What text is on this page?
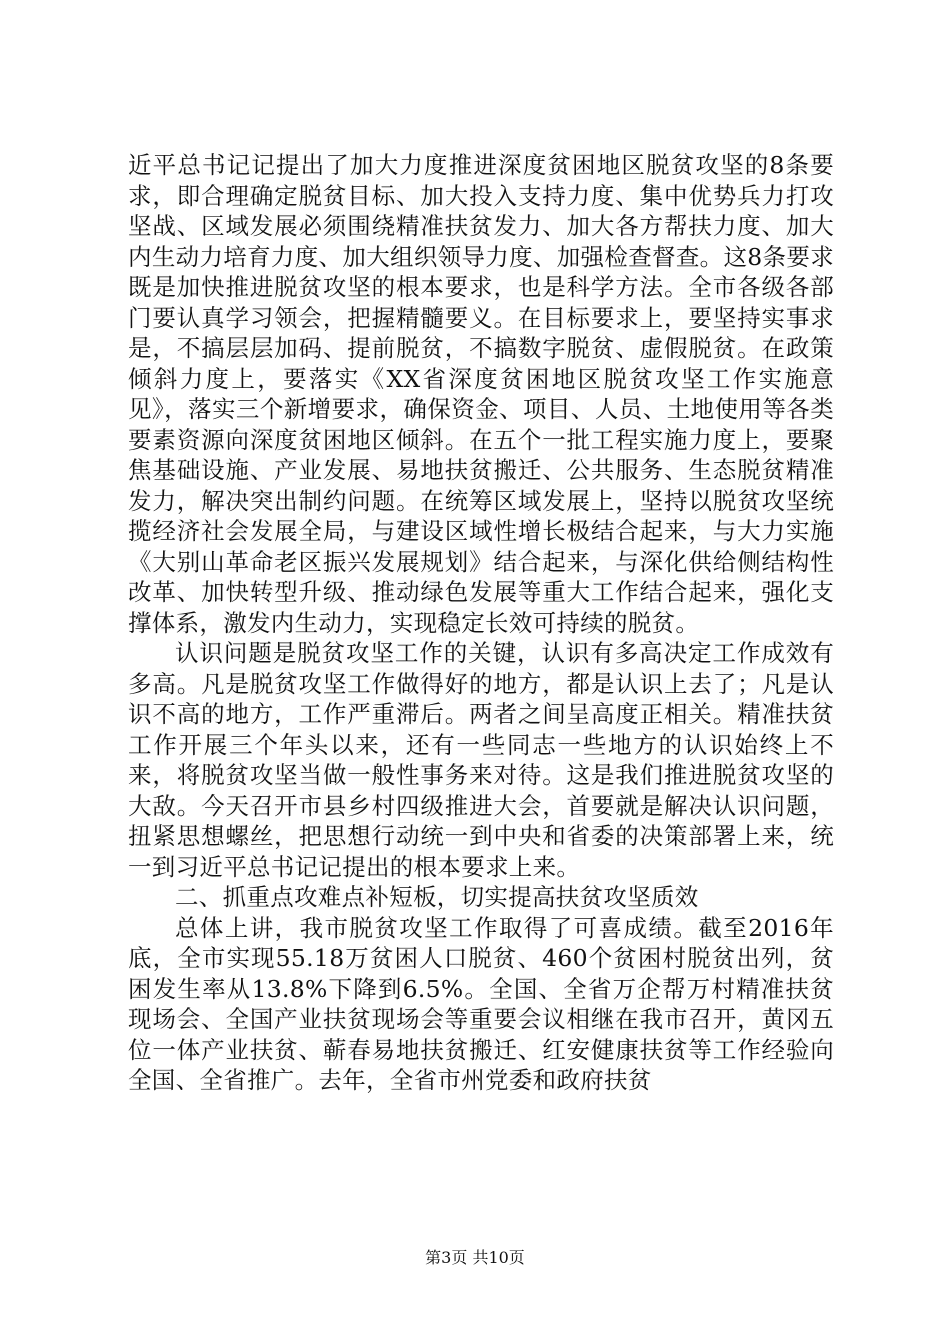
近平总书记记提出了加大力度推进深度贫困地区脱贫攻坚的8条要求，即合理确定脱贫目标、加大投入支持力度、集中优势兵力打攻坚战、区域发展必须围绕精准扶贫发力、加大各方帮扶力度、加大内生动力培育力度、加大组织领导力度、加强检查督查。这8条要求既是加快推进脱贫攻坚的根本要求，也是科学方法。全市各级各部门要认真学习领会，把握精髓要义。在目标要求上，要坚持实事求是，不搞层层加码、提前脱贫，不搞数字脱贫、虚假脱贫。在政策倾斜力度上，要落实《XX省深度贫困地区脱贫攻坚工作实施意见》，落实三个新增要求，确保资金、项目、人员、土地使用等各类要素资源向深度贫困地区倾斜。在五个一批工程实施力度上，要聚焦基础设施、产业发展、易地扶贫搬迁、公共服务、生态脱贫精准发力，解决突出制约问题。在统筹区域发展上，坚持以脱贫攻坚统揽经济社会发展全局，与建设区域性增长极结合起来，与大力实施《大别山革命老区振兴发展规划》结合起来，与深化供给侧结构性改革、加快转型升级、推动绿色发展等重大工作结合起来，强化支撑体系，激发内生动力，实现稳定长效可持续的脱贫。

认识问题是脱贫攻坚工作的关键，认识有多高决定工作成效有多高。凡是脱贫攻坚工作做得好的地方，都是认识上去了；凡是认识不高的地方，工作严重滞后。两者之间呈高度正相关。精准扶贫工作开展三个年头以来，还有一些同志一些地方的认识始终上不来，将脱贫攻坚当做一般性事务来对待。这是我们推进脱贫攻坚的大敌。今天召开市县乡村四级推进大会，首要就是解决认识问题，扭紧思想螺丝，把思想行动统一到中央和省委的决策部署上来，统一到习近平总书记记提出的根本要求上来。

二、抓重点攻难点补短板，切实提高扶贫攻坚质效

总体上讲，我市脱贫攻坚工作取得了可喜成绩。截至2016年底，全市实现55.18万贫困人口脱贫、460个贫困村脱贫出列，贫困发生率从13.8%下降到6.5%。全国、全省万企帮万村精准扶贫现场会、全国产业扶贫现场会等重要会议相继在我市召开，黄冈五位一体产业扶贫、蕲春易地扶贫搬迁、红安健康扶贫等工作经验向全国、全省推广。去年，全省市州党委和政府扶贫

第3页 共10页
